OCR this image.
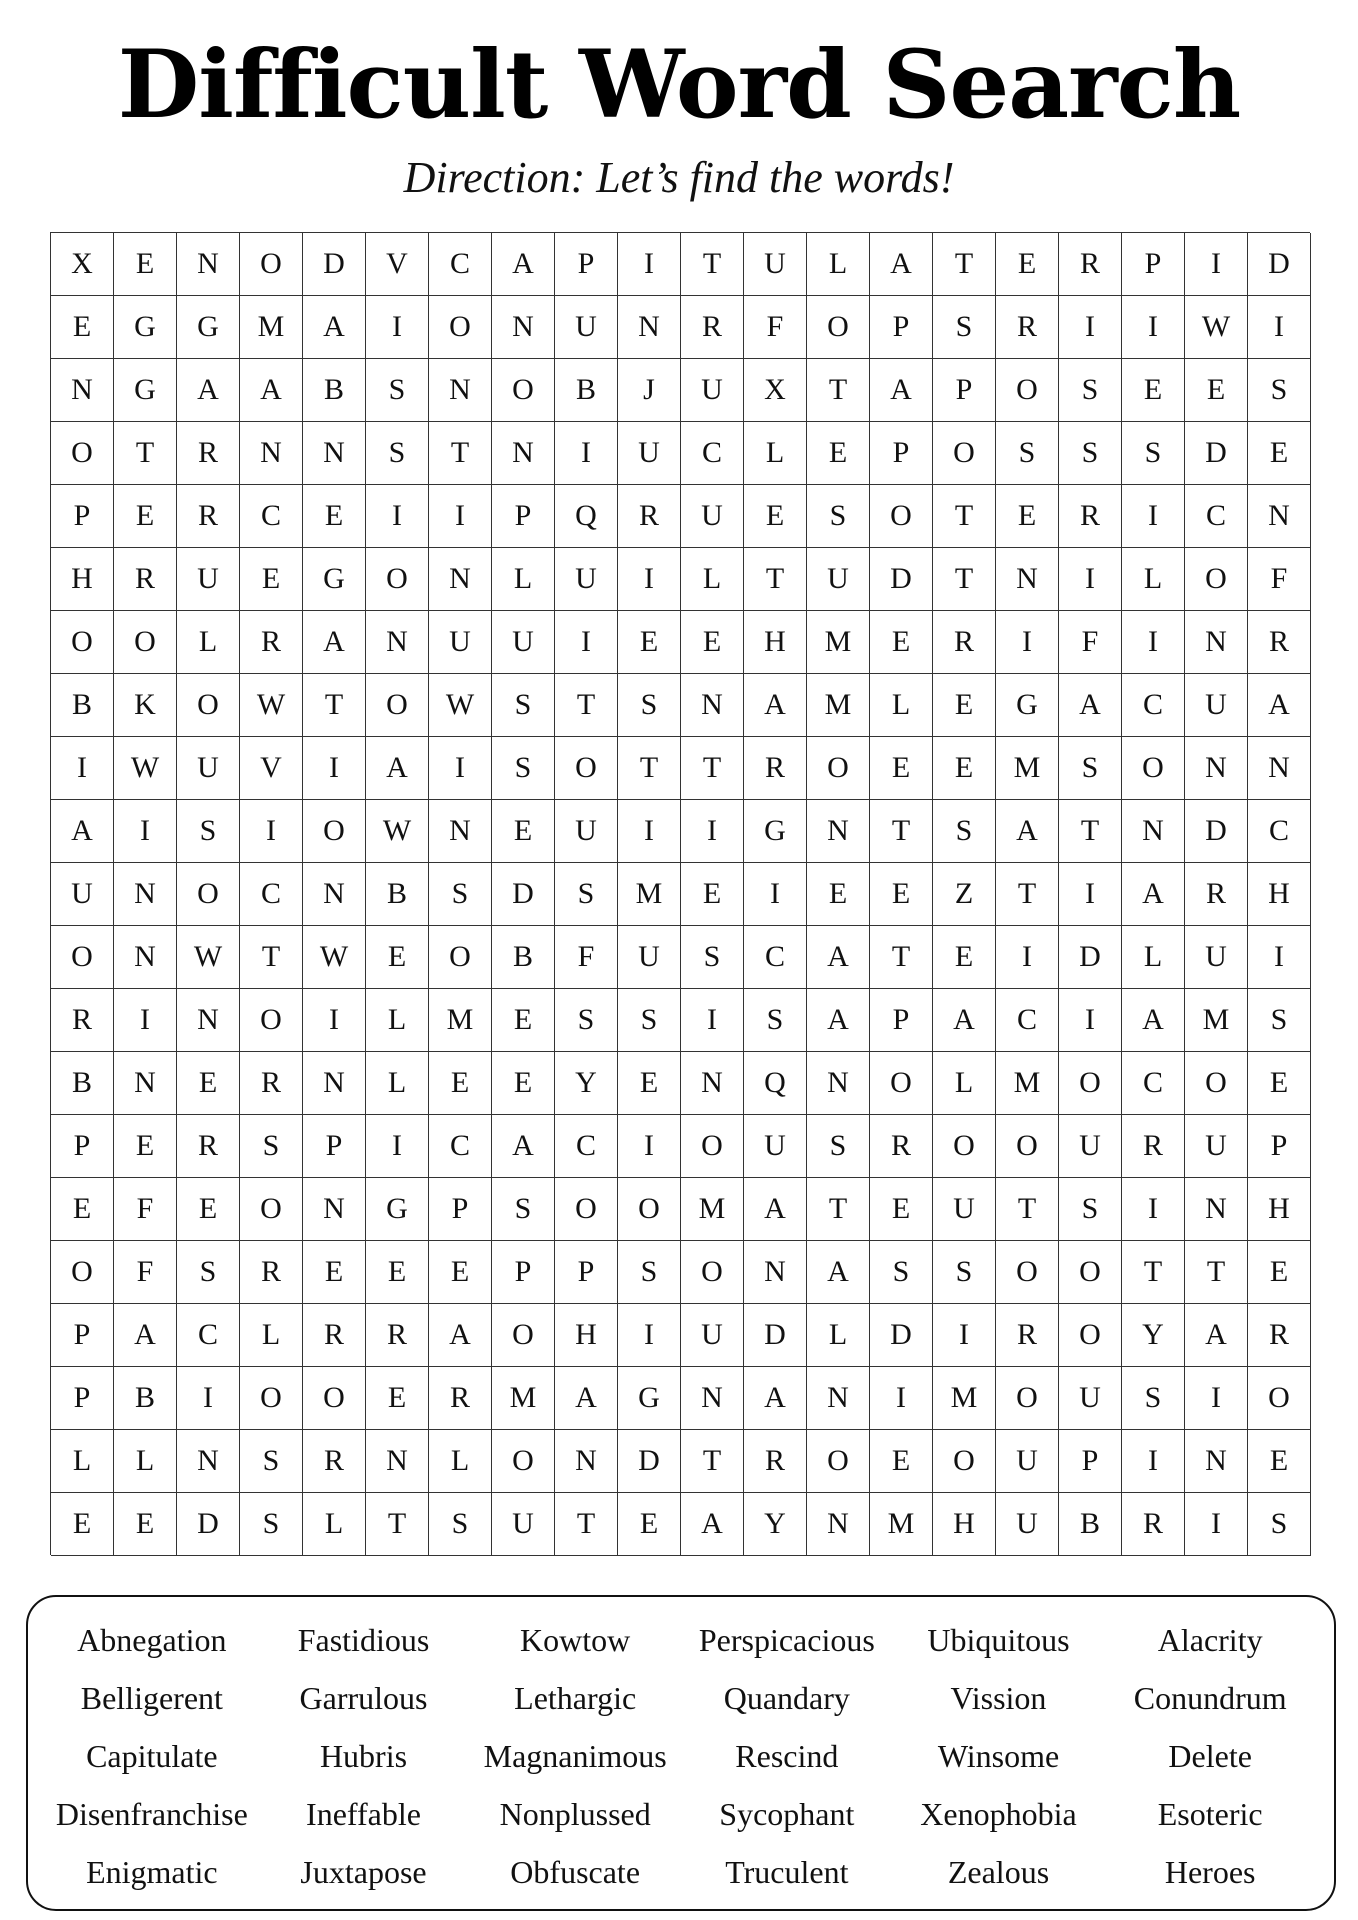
Difficult Word Search

Direction: Let’s find the words!

X	E	N	O	D	V	C	A	P	I	T	U	L	A	T	E	R	P	I	D
E	G	G	M	A	I	O	N	U	N	R	F	O	P	S	R	I	I	W	I
N	G	A	A	B	S	N	O	B	J	U	X	T	A	P	O	S	E	E	S
O	T	R	N	N	S	T	N	I	U	C	L	E	P	O	S	S	S	D	E
P	E	R	C	E	I	I	P	Q	R	U	E	S	O	T	E	R	I	C	N
H	R	U	E	G	O	N	L	U	I	L	T	U	D	T	N	I	L	O	F
O	O	L	R	A	N	U	U	I	E	E	H	M	E	R	I	F	I	N	R
B	K	O	W	T	O	W	S	T	S	N	A	M	L	E	G	A	C	U	A
I	W	U	V	I	A	I	S	O	T	T	R	O	E	E	M	S	O	N	N
A	I	S	I	O	W	N	E	U	I	I	G	N	T	S	A	T	N	D	C
U	N	O	C	N	B	S	D	S	M	E	I	E	E	Z	T	I	A	R	H
O	N	W	T	W	E	O	B	F	U	S	C	A	T	E	I	D	L	U	I
R	I	N	O	I	L	M	E	S	S	I	S	A	P	A	C	I	A	M	S
B	N	E	R	N	L	E	E	Y	E	N	Q	N	O	L	M	O	C	O	E
P	E	R	S	P	I	C	A	C	I	O	U	S	R	O	O	U	R	U	P
E	F	E	O	N	G	P	S	O	O	M	A	T	E	U	T	S	I	N	H
O	F	S	R	E	E	E	P	P	S	O	N	A	S	S	O	O	T	T	E
P	A	C	L	R	R	A	O	H	I	U	D	L	D	I	R	O	Y	A	R
P	B	I	O	O	E	R	M	A	G	N	A	N	I	M	O	U	S	I	O
L	L	N	S	R	N	L	O	N	D	T	R	O	E	O	U	P	I	N	E
E	E	D	S	L	T	S	U	T	E	A	Y	N	M	H	U	B	R	I	S
Abnegation	Fastidious	Kowtow	Perspicacious	Ubiquitous	Alacrity
Belligerent	Garrulous	Lethargic	Quandary	Vission	Conundrum
Capitulate	Hubris	Magnanimous	Rescind	Winsome	Delete
Disenfranchise	Ineffable	Nonplussed	Sycophant	Xenophobia	Esoteric
Enigmatic	Juxtapose	Obfuscate	Truculent	Zealous	Heroes
